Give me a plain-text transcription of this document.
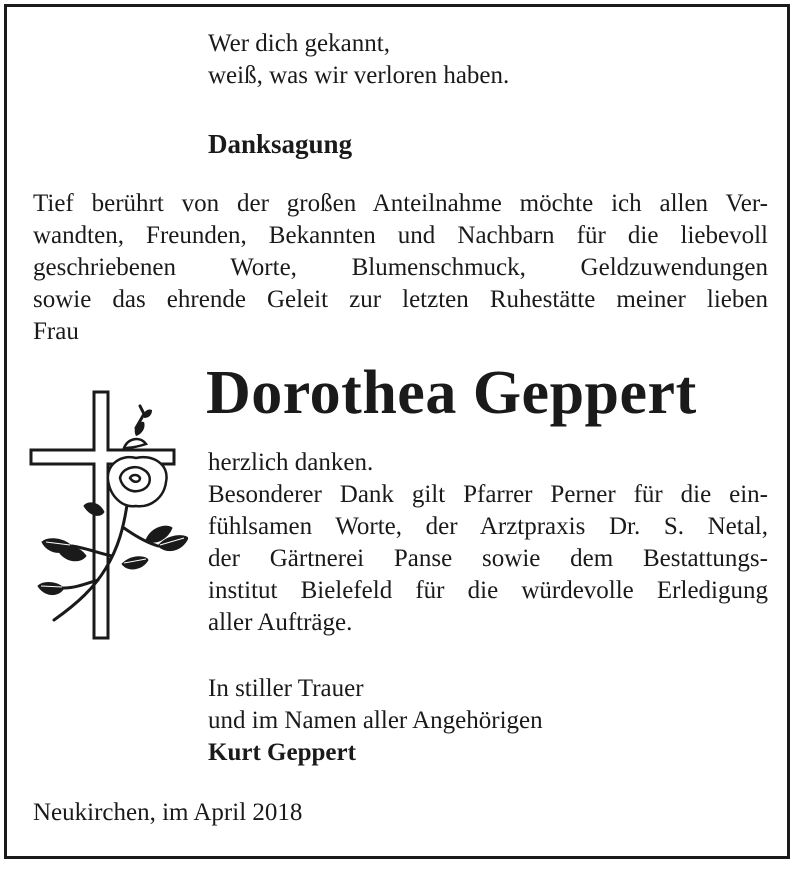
Wer dich gekannt,
weiß, was wir verloren haben.
Danksagung
Tief berührt von der großen Anteilnahme möchte ich allen Ver-
wandten, Freunden, Bekannten und Nachbarn für die liebevoll
geschriebenen Worte, Blumenschmuck, Geldzuwendungen
sowie das ehrende Geleit zur letzten Ruhestätte meiner lieben
Frau
Dorothea Geppert
herzlich danken.
Besonderer Dank gilt Pfarrer Perner für die ein-
fühlsamen Worte, der Arztpraxis Dr. S. Netal,
der Gärtnerei Panse sowie dem Bestattungs-
institut Bielefeld für die würdevolle Erledigung
aller Aufträge.
In stiller Trauer
und im Namen aller Angehörigen
Kurt Geppert
Neukirchen, im April 2018
